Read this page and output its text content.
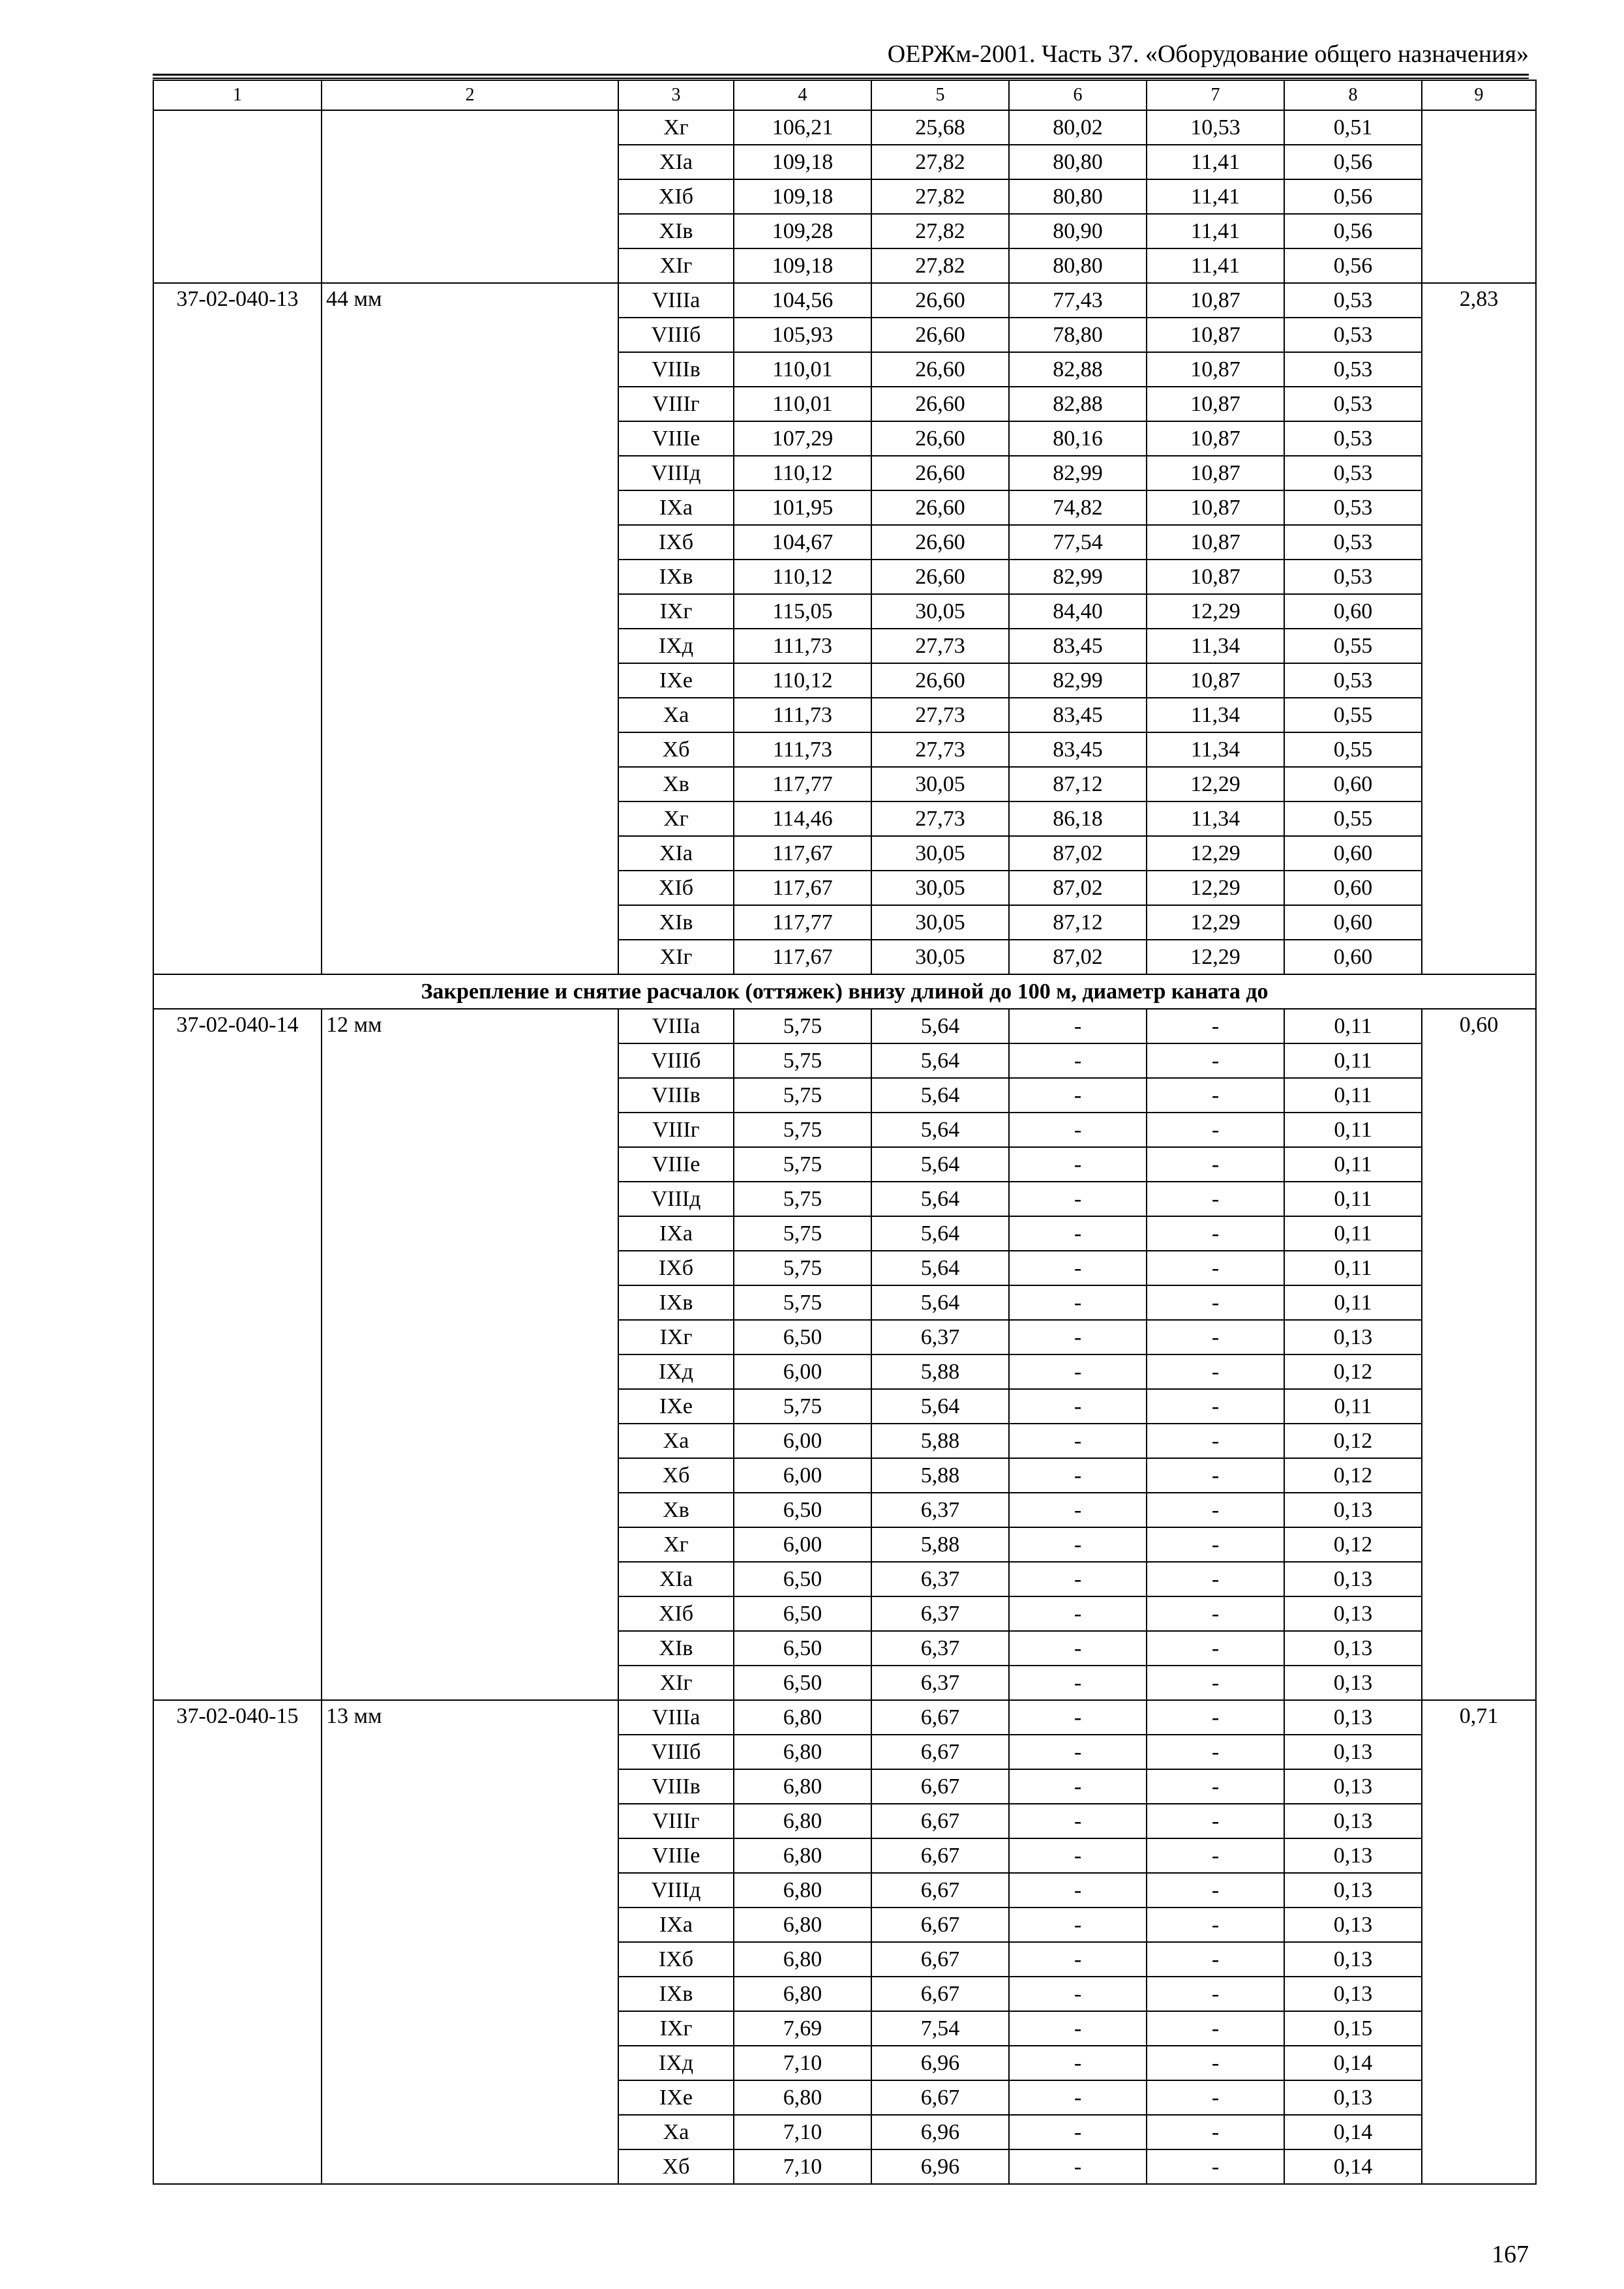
ОЕРЖм-2001. Часть 37. «Оборудование общего назначения»
1	2	3	4	5	6	7	8	9
		Xг	106,21	25,68	80,02	10,53	0,51	
		XIа	109,18	27,82	80,80	11,41	0,56	
		XIб	109,18	27,82	80,80	11,41	0,56	
		XIв	109,28	27,82	80,90	11,41	0,56	
		XIг	109,18	27,82	80,80	11,41	0,56	
37-02-040-13	44 мм	VIIIа	104,56	26,60	77,43	10,87	0,53	2,83
		VIIIб	105,93	26,60	78,80	10,87	0,53	
		VIIIв	110,01	26,60	82,88	10,87	0,53	
		VIIIг	110,01	26,60	82,88	10,87	0,53	
		VIIIе	107,29	26,60	80,16	10,87	0,53	
		VIIIд	110,12	26,60	82,99	10,87	0,53	
		IXа	101,95	26,60	74,82	10,87	0,53	
		IXб	104,67	26,60	77,54	10,87	0,53	
		IXв	110,12	26,60	82,99	10,87	0,53	
		IXг	115,05	30,05	84,40	12,29	0,60	
		IXд	111,73	27,73	83,45	11,34	0,55	
		IXе	110,12	26,60	82,99	10,87	0,53	
		Xа	111,73	27,73	83,45	11,34	0,55	
		Xб	111,73	27,73	83,45	11,34	0,55	
		Xв	117,77	30,05	87,12	12,29	0,60	
		Xг	114,46	27,73	86,18	11,34	0,55	
		XIа	117,67	30,05	87,02	12,29	0,60	
		XIб	117,67	30,05	87,02	12,29	0,60	
		XIв	117,77	30,05	87,12	12,29	0,60	
		XIг	117,67	30,05	87,02	12,29	0,60	
Закрепление и снятие расчалок (оттяжек) внизу длиной до 100 м, диаметр каната до								
37-02-040-14	12 мм	VIIIа	5,75	5,64	-	-	0,11	0,60
		VIIIб	5,75	5,64	-	-	0,11	
		VIIIв	5,75	5,64	-	-	0,11	
		VIIIг	5,75	5,64	-	-	0,11	
		VIIIе	5,75	5,64	-	-	0,11	
		VIIIд	5,75	5,64	-	-	0,11	
		IXа	5,75	5,64	-	-	0,11	
		IXб	5,75	5,64	-	-	0,11	
		IXв	5,75	5,64	-	-	0,11	
		IXг	6,50	6,37	-	-	0,13	
		IXд	6,00	5,88	-	-	0,12	
		IXе	5,75	5,64	-	-	0,11	
		Xа	6,00	5,88	-	-	0,12	
		Xб	6,00	5,88	-	-	0,12	
		Xв	6,50	6,37	-	-	0,13	
		Xг	6,00	5,88	-	-	0,12	
		XIа	6,50	6,37	-	-	0,13	
		XIб	6,50	6,37	-	-	0,13	
		XIв	6,50	6,37	-	-	0,13	
		XIг	6,50	6,37	-	-	0,13	
37-02-040-15	13 мм	VIIIа	6,80	6,67	-	-	0,13	0,71
		VIIIб	6,80	6,67	-	-	0,13	
		VIIIв	6,80	6,67	-	-	0,13	
		VIIIг	6,80	6,67	-	-	0,13	
		VIIIе	6,80	6,67	-	-	0,13	
		VIIIд	6,80	6,67	-	-	0,13	
		IXа	6,80	6,67	-	-	0,13	
		IXб	6,80	6,67	-	-	0,13	
		IXв	6,80	6,67	-	-	0,13	
		IXг	7,69	7,54	-	-	0,15	
		IXд	7,10	6,96	-	-	0,14	
		IXе	6,80	6,67	-	-	0,13	
		Xа	7,10	6,96	-	-	0,14	
		Xб	7,10	6,96	-	-	0,14	
167
